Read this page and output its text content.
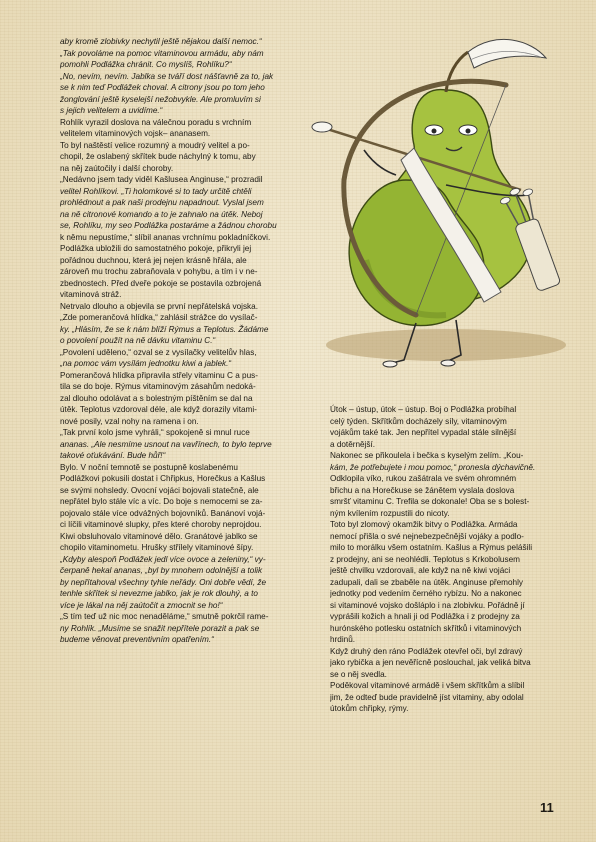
aby kromě zlobivky nechytil ještě nějakou další nemoc.“
„Tak povoláme na pomoc vitaminovou armádu, aby nám
pomohli Podlážka chránit. Co myslíš, Rohlíku?“
„No, nevím, nevím. Jablka se tváří dost nášťavně za to, jak
se k nim teď Podlážek choval. A citrony jsou po tom jeho
žonglování ještě kyselejší nežobvykle. Ale promluvím si
s jejich velitelem a uvidíme.“
Rohlík vyrazil doslova na válečnou poradu s vrchním
velitelem vitaminových vojsk– ananasem.
To byl naštěstí velice rozumný a moudrý velitel a po-
chopil, že oslabený skřítek bude náchylný k tomu, aby
na něj zaútočily i další choroby.
„Nedávno jsem tady viděl Kašlusea Anginuse,“ prozradil
velitel Rohlíkovi. „Ti holomkové si to tady určitě chtěli
prohlédnout a pak naši prodejnu napadnout. Vyslal jsem
na ně citronové komando a to je zahnalo na útěk. Neboj
se, Rohlíku, my seo Podlážka postaráme a žádnou chorobu
k němu nepustíme,“ slíbil ananas vrchnímu pokladníčkovi.
Podlážka ubložili do samostatného pokoje, přikryli jej
pořádnou duchnou, která jej nejen krásně hřála, ale
zároveň mu trochu zabraňovala v pohybu, a tím i v ne-
zbednostech. Před dveře pokoje se postavila ozbrojená
vitaminová stráž.
Netrvalo dlouho a objevila se první nepřátelská vojska.
„Zde pomerančová hlídka,“ zahlásil strážce do vysílač-
ky. „Hlásím, že se k nám blíží Rýmus a Teplotus. Žádáme
o povolení použít na ně dávku vitaminu C.“
„Povolení uděleno,“ ozval se z vysílačky velitelův hlas,
„na pomoc vám vysílám jednotku kiwi a jablek.“
Pomerančová hlídka připravila střely vitaminu C a pus-
tila se do boje. Rýmus vitaminovým zásahům nedoká-
zal dlouho odolávat a s bolestným píštěním se dal na
útěk. Teplotus vzdoroval déle, ale když dorazily vitami-
nové posily, vzal nohy na ramena i on.
„Tak první kolo jsme vyhráli,“ spokojeně si mnul ruce
ananas. „Ale nesmíme usnout na vavřínech, to bylo teprve
takové oťukávání. Bude hůř!“
Bylo. V noční temnotě se postupně koslabenému
Podlážkovi pokusili dostat i Chřipkus, Horečkus a Kašlus
se svými nohsledy. Ovocní vojáci bojovali statečně, ale
nepřátel bylo stále víc a víc. Do boje s nemocemi se za-
pojovalo stále více odvážných bojovníků. Banánoví vojá-
ci líčili vitaminové slupky, přes které choroby neprojdou.
Kiwi obsluhovalo vitaminové dělo. Granátové jablko se
chopilo vitaminometu. Hrušky střílely vitaminové šípy.
„Kdyby alespoň Podlážek jedl více ovoce a zeleniny,“ vy-
čerpaně hekal ananas, „byl by mnohem odolnější a tolik
by nepřítahoval všechny tyhle neřády. Oni dobře vědí, že
tenhle skřítek si nevezme jablko, jak je rok dlouhý, a to
více je lákal na něj zaútočit a zmocnit se ho!“
„S tím teď už nic moc nenaděláme,“ smutně pokrčil rame-
ny Rohlík. „Musíme se snažit nepřítele porazit a pak se
budeme věnovat preventivním opatřením.“
Útok – ústup, útok – ústup. Boj o Podlážka probíhal
celý týden. Skřítkům docházely síly, vitaminovým
vojákům také tak. Jen nepřítel vypadal stále silnější
a dotěrnější.
Nakonec se přikoulela i bečka s kyselým zelím. „Kou-
kám, že potřebujete i mou pomoc,“ pronesla dýchavičně.
Odklopila víko, rukou zašátrala ve svém ohromném
břichu a na Horečkuse se žánětem vyslala doslova
smršť vitaminu C. Trefila se dokonale! Oba se s bolest-
ným kvílením rozpustili do nicoty.
Toto byl zlomový okamžik bitvy o Podlážka. Armáda
nemocí přišla o své nejnebezpečnější vojáky a podlo-
milo to morálku všem ostatním. Kašlus a Rýmus pelášili
z prodejny, ani se neohlédli. Teplotus s Krkobolusem
ještě chvilku vzdorovali, ale když na ně kiwi vojáci
zadupali, dali se zbaběle na útěk. Anginuse přemohly
jednotky pod vedením černého rybízu. No a nakonec
si vitaminové vojsko došláplo i na zlobivku. Pořádně jí
vyprášili kožich a hnali ji od Podlážka i z prodejny za
hurónského potlesku ostatních skřítků i vitaminových
hrdinů.
Když druhý den ráno Podlážek otevřel oči, byl zdravý
jako rybička a jen nevěřícně poslouchal, jak veliká bitva
se o něj svedla.
Poděkoval vitaminové armádě i všem skřítkům a slíbil
jim, že odteď bude pravidelně jíst vitaminy, aby odolal
útokům chřipky, rýmy.
11
